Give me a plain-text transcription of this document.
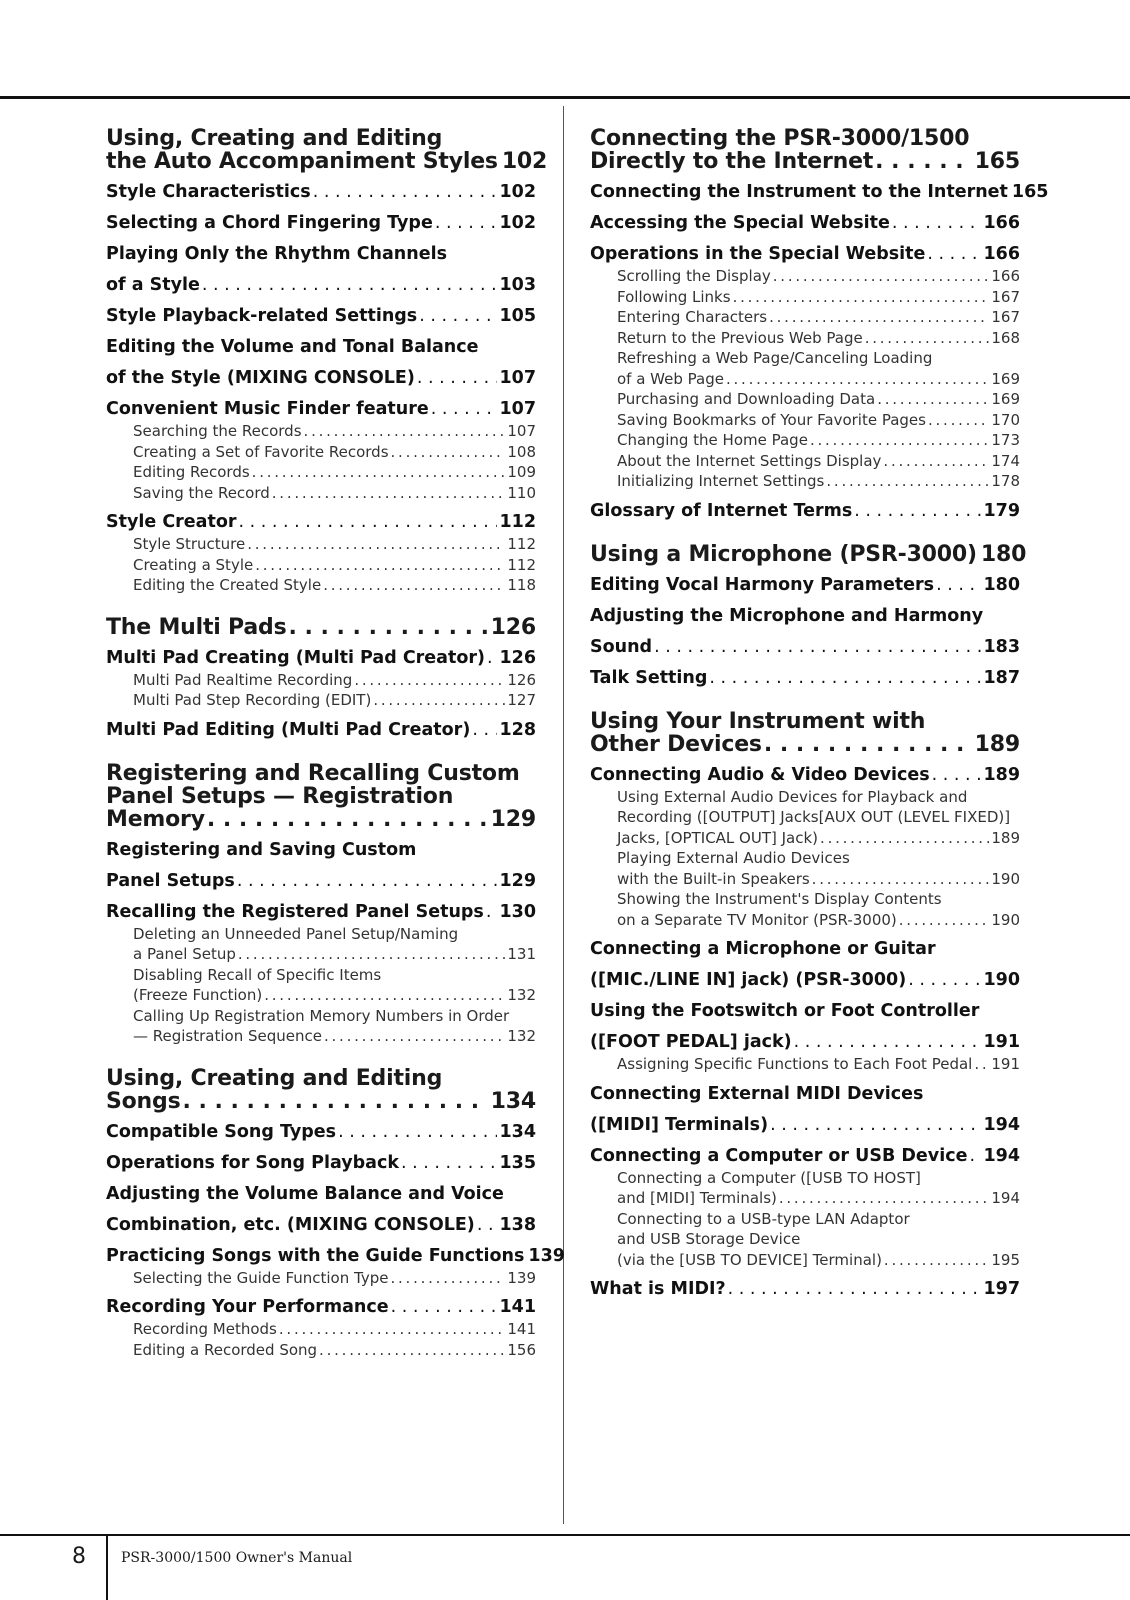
Using, Creating and Editing
the Auto Accompaniment Styles 102
Style Characteristics . . .	102
Selecting a Chord Fingering Type . . .	102
Playing Only the Rhythm Channels
of a Style . . .	103
Style Playback-related Settings . . .	105
Editing the Volume and Tonal Balance
of the Style (MIXING CONSOLE) . . .	107
Convenient Music Finder feature . . .	107
Searching the Records . . .	107
Creating a Set of Favorite Records . . .	108
Editing Records . . .	109
Saving the Record . . .	110
Style Creator . . .	112
Style Structure . . .	112
Creating a Style . . .	112
Editing the Created Style . . .	118
The Multi Pads . . .	126
Multi Pad Creating (Multi Pad Creator) . . . 126
Multi Pad Realtime Recording . . .	126
Multi Pad Step Recording (EDIT) . . .	127
Multi Pad Editing (Multi Pad Creator) . . . 128
Registering and Recalling Custom
Panel Setups — Registration
Memory . . .	129
Registering and Saving Custom
Panel Setups . . .	129
Recalling the Registered Panel Setups . . . 130
Deleting an Unneeded Panel Setup/Naming
a Panel Setup . . .	131
Disabling Recall of Specific Items
(Freeze Function) . . .	132
Calling Up Registration Memory Numbers in Order
— Registration Sequence . . .	132
Using, Creating and Editing
Songs . . .	134
Compatible Song Types . . .	134
Operations for Song Playback . . .	135
Adjusting the Volume Balance and Voice
Combination, etc. (MIXING CONSOLE) . . . 138
Practicing Songs with the Guide Functions 139
Selecting the Guide Function Type . . .	139
Recording Your Performance . . .	141
Recording Methods . . .	141
Editing a Recorded Song . . .	156
Connecting the PSR-3000/1500
Directly to the Internet . . .	165
Connecting the Instrument to the Internet 165
Accessing the Special Website . . .	166
Operations in the Special Website . . .	166
Scrolling the Display . . .	166
Following Links . . .	167
Entering Characters . . .	167
Return to the Previous Web Page . . .	168
Refreshing a Web Page/Canceling Loading
of a Web Page . . .	169
Purchasing and Downloading Data . . .	169
Saving Bookmarks of Your Favorite Pages . . .	170
Changing the Home Page . . .	173
About the Internet Settings Display . . .	174
Initializing Internet Settings . . .	178
Glossary of Internet Terms . . .	179
Using a Microphone (PSR-3000) 180
Editing Vocal Harmony Parameters . . .	180
Adjusting the Microphone and Harmony
Sound . . .	183
Talk Setting . . .	187
Using Your Instrument with
Other Devices . . .	189
Connecting Audio & Video Devices . . .	189
Using External Audio Devices for Playback and
Recording ([OUTPUT] Jacks[AUX OUT (LEVEL FIXED)]
Jacks, [OPTICAL OUT] Jack) . . .	189
Playing External Audio Devices
with the Built-in Speakers . . .	190
Showing the Instrument's Display Contents
on a Separate TV Monitor (PSR-3000) . . .	190
Connecting a Microphone or Guitar
([MIC./LINE IN] jack) (PSR-3000) . . .	190
Using the Footswitch or Foot Controller
([FOOT PEDAL] jack) . . .	191
Assigning Specific Functions to Each Foot Pedal . . . 191
Connecting External MIDI Devices
([MIDI] Terminals) . . .	194
Connecting a Computer or USB Device . . . 194
Connecting a Computer ([USB TO HOST]
and [MIDI] Terminals) . . .	194
Connecting to a USB-type LAN Adaptor
and USB Storage Device
(via the [USB TO DEVICE] Terminal) . . .	195
What is MIDI? . . .	197
8	PSR-3000/1500 Owner's Manual
